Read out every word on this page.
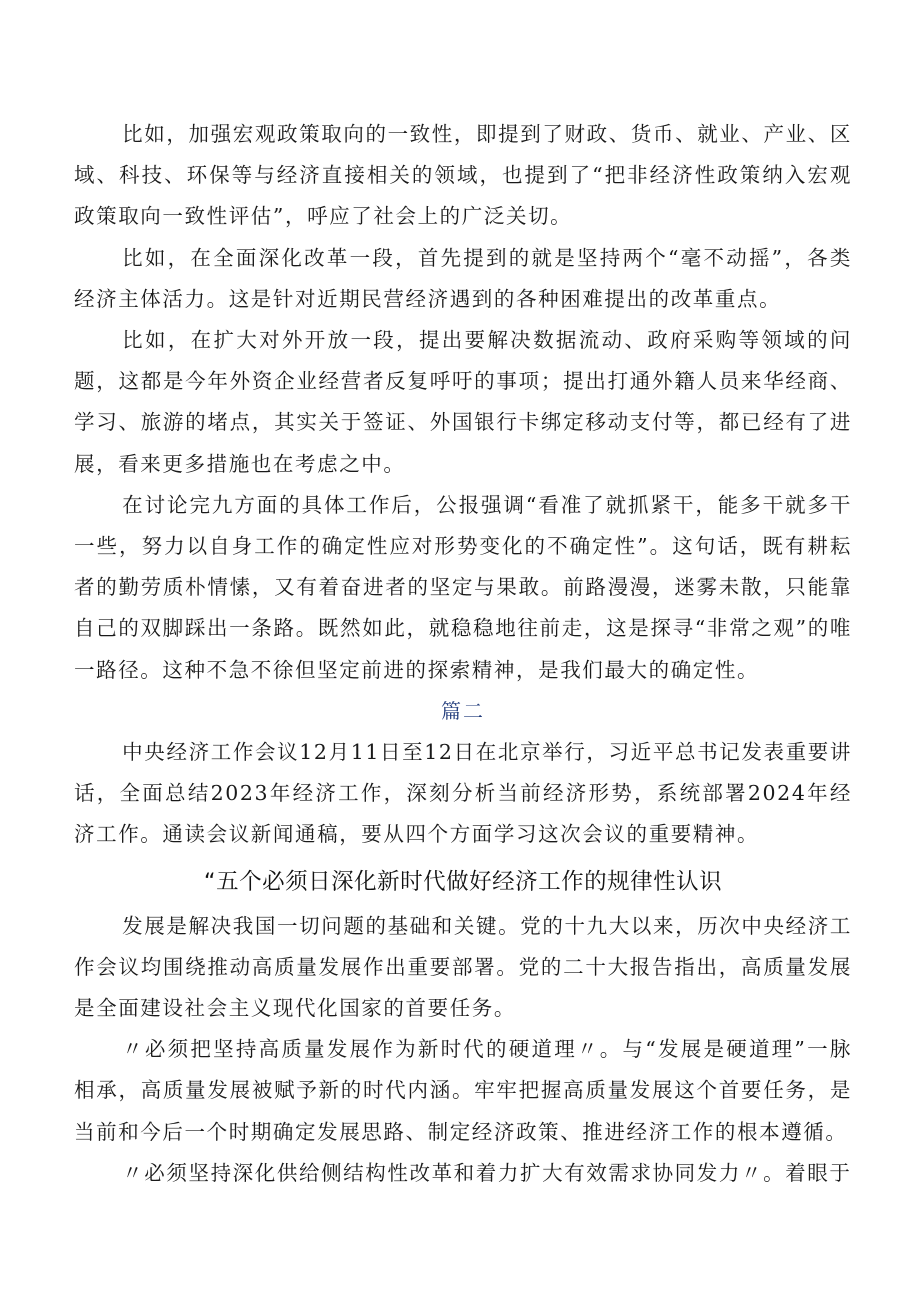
比如，加强宏观政策取向的一致性，即提到了财政、货币、就业、产业、区域、科技、环保等与经济直接相关的领域，也提到了“把非经济性政策纳入宏观政策取向一致性评估”，呼应了社会上的广泛关切。

比如，在全面深化改革一段，首先提到的就是坚持两个“毫不动摇”，各类经济主体活力。这是针对近期民营经济遇到的各种困难提出的改革重点。

比如，在扩大对外开放一段，提出要解决数据流动、政府采购等领域的问题，这都是今年外资企业经营者反复呼吁的事项；提出打通外籍人员来华经商、学习、旅游的堵点，其实关于签证、外国银行卡绑定移动支付等，都已经有了进展，看来更多措施也在考虑之中。

在讨论完九方面的具体工作后，公报强调“看准了就抓紧干，能多干就多干一些，努力以自身工作的确定性应对形势变化的不确定性”。这句话，既有耕耘者的勤劳质朴情愫，又有着奋进者的坚定与果敢。前路漫漫，迷雾未散，只能靠自己的双脚踩出一条路。既然如此，就稳稳地往前走，这是探寻“非常之观”的唯一路径。这种不急不徐但坚定前进的探索精神，是我们最大的确定性。

篇二

中央经济工作会议12月11日至12日在北京举行，习近平总书记发表重要讲话，全面总结2023年经济工作，深刻分析当前经济形势，系统部署2024年经济工作。通读会议新闻通稿，要从四个方面学习这次会议的重要精神。

“五个必须日深化新时代做好经济工作的规律性认识

发展是解决我国一切问题的基础和关键。党的十九大以来，历次中央经济工作会议均围绕推动高质量发展作出重要部署。党的二十大报告指出，高质量发展是全面建设社会主义现代化国家的首要任务。

〃必须把坚持高质量发展作为新时代的硬道理〃。与“发展是硬道理”一脉相承，高质量发展被赋予新的时代内涵。牢牢把握高质量发展这个首要任务，是当前和今后一个时期确定发展思路、制定经济政策、推进经济工作的根本遵循。

〃必须坚持深化供给侧结构性改革和着力扩大有效需求协同发力〃。着眼于
